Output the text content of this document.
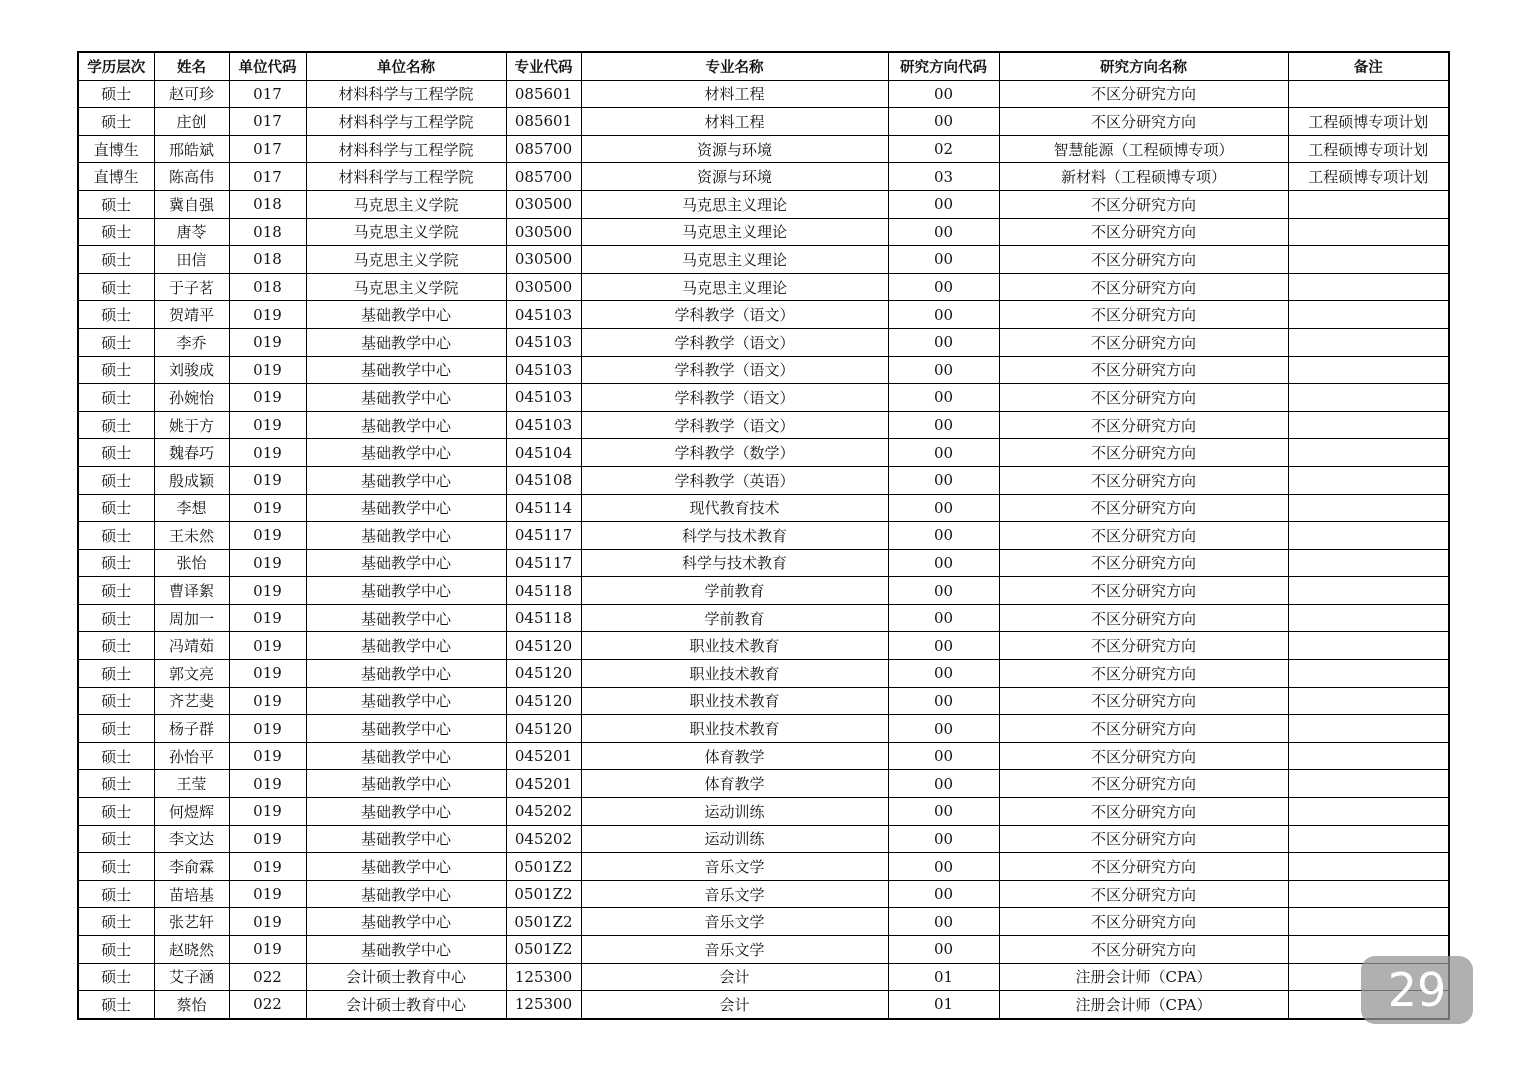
学历层次	姓名	单位代码	单位名称	专业代码	专业名称	研究方向代码	研究方向名称	备注
硕士	赵可珍	017	材料科学与工程学院	085601	材料工程	00	不区分研究方向	
硕士	庄创	017	材料科学与工程学院	085601	材料工程	00	不区分研究方向	工程硕博专项计划
直博生	邢皓斌	017	材料科学与工程学院	085700	资源与环境	02	智慧能源（工程硕博专项）	工程硕博专项计划
直博生	陈高伟	017	材料科学与工程学院	085700	资源与环境	03	新材料（工程硕博专项）	工程硕博专项计划
硕士	冀自强	018	马克思主义学院	030500	马克思主义理论	00	不区分研究方向	
硕士	唐苓	018	马克思主义学院	030500	马克思主义理论	00	不区分研究方向	
硕士	田信	018	马克思主义学院	030500	马克思主义理论	00	不区分研究方向	
硕士	于子茗	018	马克思主义学院	030500	马克思主义理论	00	不区分研究方向	
硕士	贺靖平	019	基础教学中心	045103	学科教学（语文）	00	不区分研究方向	
硕士	李乔	019	基础教学中心	045103	学科教学（语文）	00	不区分研究方向	
硕士	刘骏成	019	基础教学中心	045103	学科教学（语文）	00	不区分研究方向	
硕士	孙婉怡	019	基础教学中心	045103	学科教学（语文）	00	不区分研究方向	
硕士	姚于方	019	基础教学中心	045103	学科教学（语文）	00	不区分研究方向	
硕士	魏春巧	019	基础教学中心	045104	学科教学（数学）	00	不区分研究方向	
硕士	殷成颖	019	基础教学中心	045108	学科教学（英语）	00	不区分研究方向	
硕士	李想	019	基础教学中心	045114	现代教育技术	00	不区分研究方向	
硕士	王未然	019	基础教学中心	045117	科学与技术教育	00	不区分研究方向	
硕士	张怡	019	基础教学中心	045117	科学与技术教育	00	不区分研究方向	
硕士	曹译絮	019	基础教学中心	045118	学前教育	00	不区分研究方向	
硕士	周加一	019	基础教学中心	045118	学前教育	00	不区分研究方向	
硕士	冯靖茹	019	基础教学中心	045120	职业技术教育	00	不区分研究方向	
硕士	郭文亮	019	基础教学中心	045120	职业技术教育	00	不区分研究方向	
硕士	齐艺斐	019	基础教学中心	045120	职业技术教育	00	不区分研究方向	
硕士	杨子群	019	基础教学中心	045120	职业技术教育	00	不区分研究方向	
硕士	孙怡平	019	基础教学中心	045201	体育教学	00	不区分研究方向	
硕士	王莹	019	基础教学中心	045201	体育教学	00	不区分研究方向	
硕士	何煜辉	019	基础教学中心	045202	运动训练	00	不区分研究方向	
硕士	李文达	019	基础教学中心	045202	运动训练	00	不区分研究方向	
硕士	李俞霖	019	基础教学中心	0501Z2	音乐文学	00	不区分研究方向	
硕士	苗培基	019	基础教学中心	0501Z2	音乐文学	00	不区分研究方向	
硕士	张艺轩	019	基础教学中心	0501Z2	音乐文学	00	不区分研究方向	
硕士	赵晓然	019	基础教学中心	0501Z2	音乐文学	00	不区分研究方向	
硕士	艾子涵	022	会计硕士教育中心	125300	会计	01	注册会计师（CPA）	
硕士	蔡怡	022	会计硕士教育中心	125300	会计	01	注册会计师（CPA）		29
